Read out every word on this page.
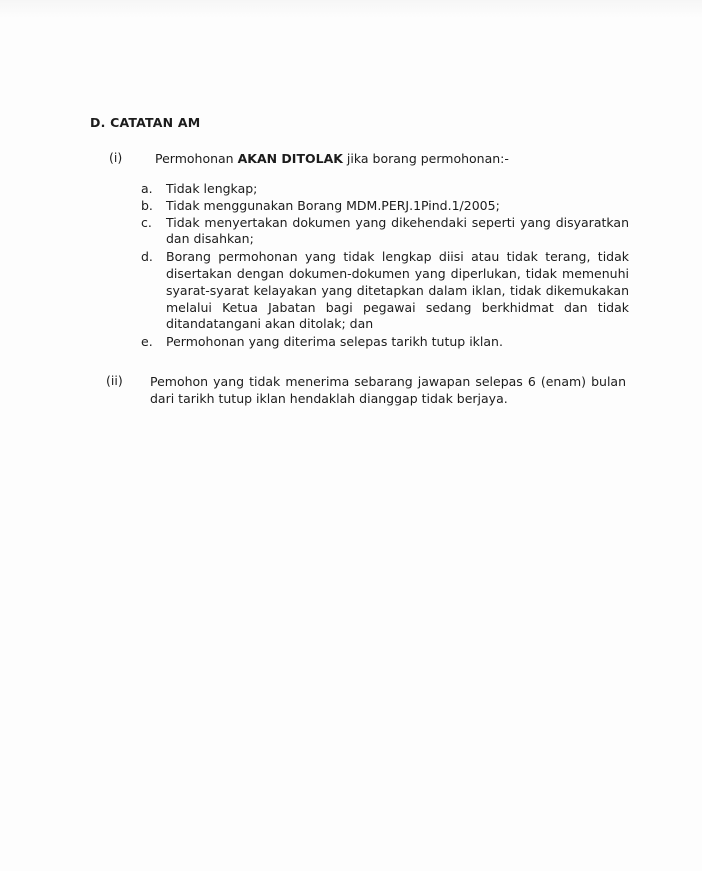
D. CATATAN AM
(i)	Permohonan AKAN DITOLAK jika borang permohonan:-
a.	Tidak lengkap;
b.	Tidak menggunakan Borang MDM.PERJ.1Pind.1/2005;
c.	Tidak menyertakan dokumen yang dikehendaki seperti yang disyaratkan dan disahkan;
d.	Borang permohonan yang tidak lengkap diisi atau tidak terang, tidak disertakan dengan dokumen-dokumen yang diperlukan, tidak memenuhi syarat-syarat kelayakan yang ditetapkan dalam iklan, tidak dikemukakan melalui Ketua Jabatan bagi pegawai sedang berkhidmat dan tidak ditandatangani akan ditolak; dan
e.	Permohonan yang diterima selepas tarikh tutup iklan.
(ii) Pemohon yang tidak menerima sebarang jawapan selepas 6 (enam) bulan dari tarikh tutup iklan hendaklah dianggap tidak berjaya.
